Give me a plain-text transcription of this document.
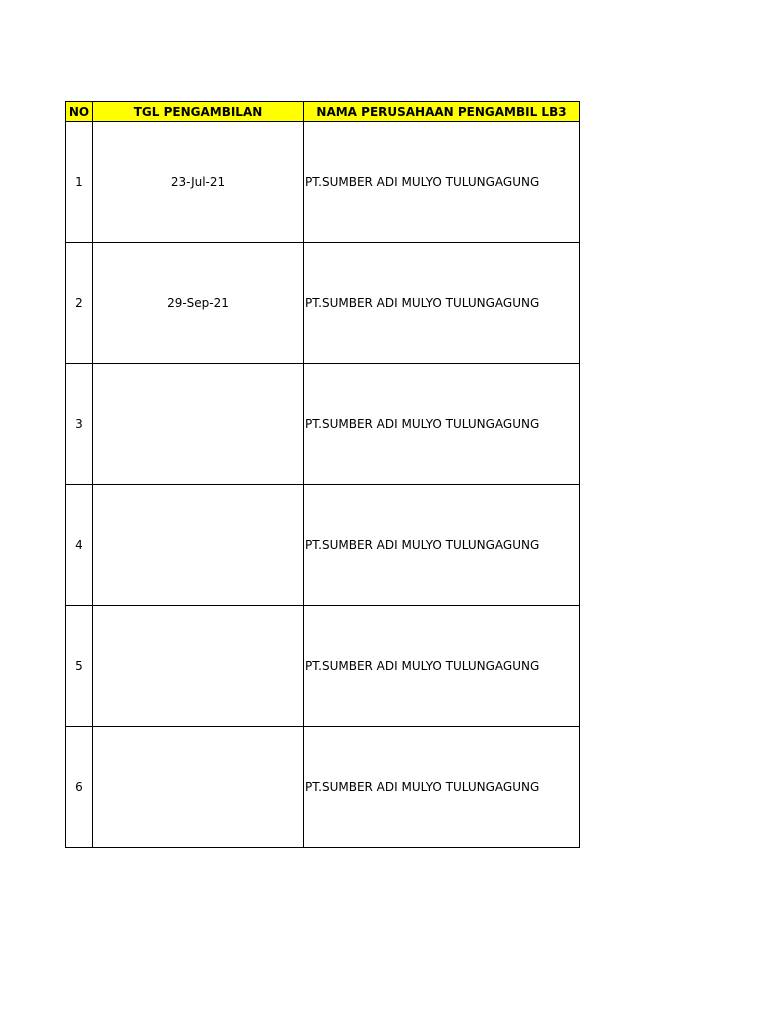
NO	TGL PENGAMBILAN	NAMA PERUSAHAAN PENGAMBIL LB3
1	23-Jul-21	PT.SUMBER ADI MULYO TULUNGAGUNG
2	29-Sep-21	PT.SUMBER ADI MULYO TULUNGAGUNG
3		PT.SUMBER ADI MULYO TULUNGAGUNG
4		PT.SUMBER ADI MULYO TULUNGAGUNG
5		PT.SUMBER ADI MULYO TULUNGAGUNG
6		PT.SUMBER ADI MULYO TULUNGAGUNG
